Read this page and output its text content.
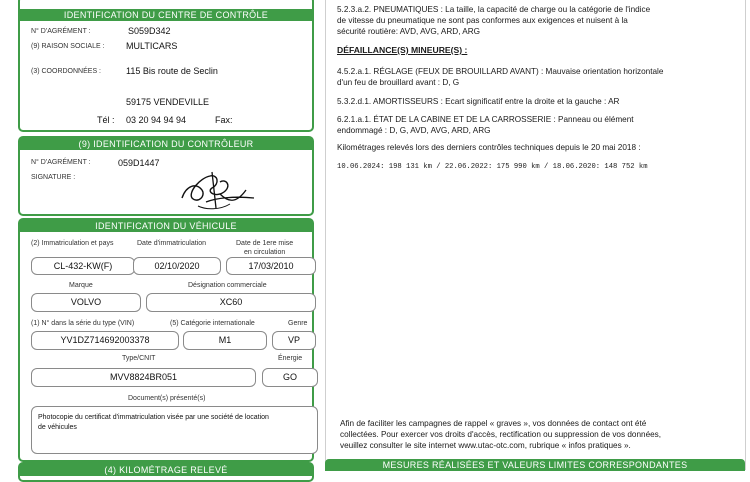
IDENTIFICATION DU CENTRE DE CONTRÔLE
N° D'AGRÉMENT :	S059D342
(9) RAISON SOCIALE : MULTICARS
(3) COORDONNÉES :	115 Bis route de Seclin
59175 VENDEVILLE
Tél : 03 20 94 94 94	Fax:
(9) IDENTIFICATION DU CONTRÔLEUR
N° D'AGRÉMENT :	059D1447
SIGNATURE :
IDENTIFICATION DU VÉHICULE
(2) Immatriculation et pays	Date d'immatriculation	Date de 1ere mise
en circulation
CL-432-KW(F)	02/10/2020	17/03/2010
Marque	Désignation commerciale
VOLVO	XC60
(1) N° dans la série du type (VIN)	(5) Catégorie internationale	Genre
YV1DZ714692003378	M1	VP
Type/CNIT	Énergie
MVV8824BR051	GO
Document(s) présenté(s)
Photocopie du certificat d'immatriculation visée par une société de location de véhicules
(4) KILOMÉTRAGE RELEVÉ
5.2.3.a.2. PNEUMATIQUES : La taille, la capacité de charge ou la catégorie de l'indice
de vitesse du pneumatique ne sont pas conformes aux exigences et nuisent à la
sécurité routière: AVD, AVG, ARD, ARG
DÉFAILLANCE(S) MINEURE(S) :
4.5.2.a.1. RÉGLAGE (FEUX DE BROUILLARD AVANT) : Mauvaise orientation horizontale
d'un feu de brouillard avant : D, G
5.3.2.d.1. AMORTISSEURS : Ecart significatif entre la droite et la gauche : AR
6.2.1.a.1. ÉTAT DE LA CABINE ET DE LA CARROSSERIE : Panneau ou élément
endommagé : D, G, AVD, AVG, ARD, ARG
Kilométrages relevés lors des derniers contrôles techniques depuis le 20 mai 2018 :
10.06.2024: 198 131 km / 22.06.2022: 175 990 km / 18.06.2020: 148 752 km
Afin de faciliter les campagnes de rappel « graves », vos données de contact ont été
collectées. Pour exercer vos droits d'accès, rectification ou suppression de vos données,
veuillez consulter le site internet www.utac-otc.com, rubrique « infos pratiques ».
MESURES RÉALISÉES ET VALEURS LIMITES CORRESPONDANTES
